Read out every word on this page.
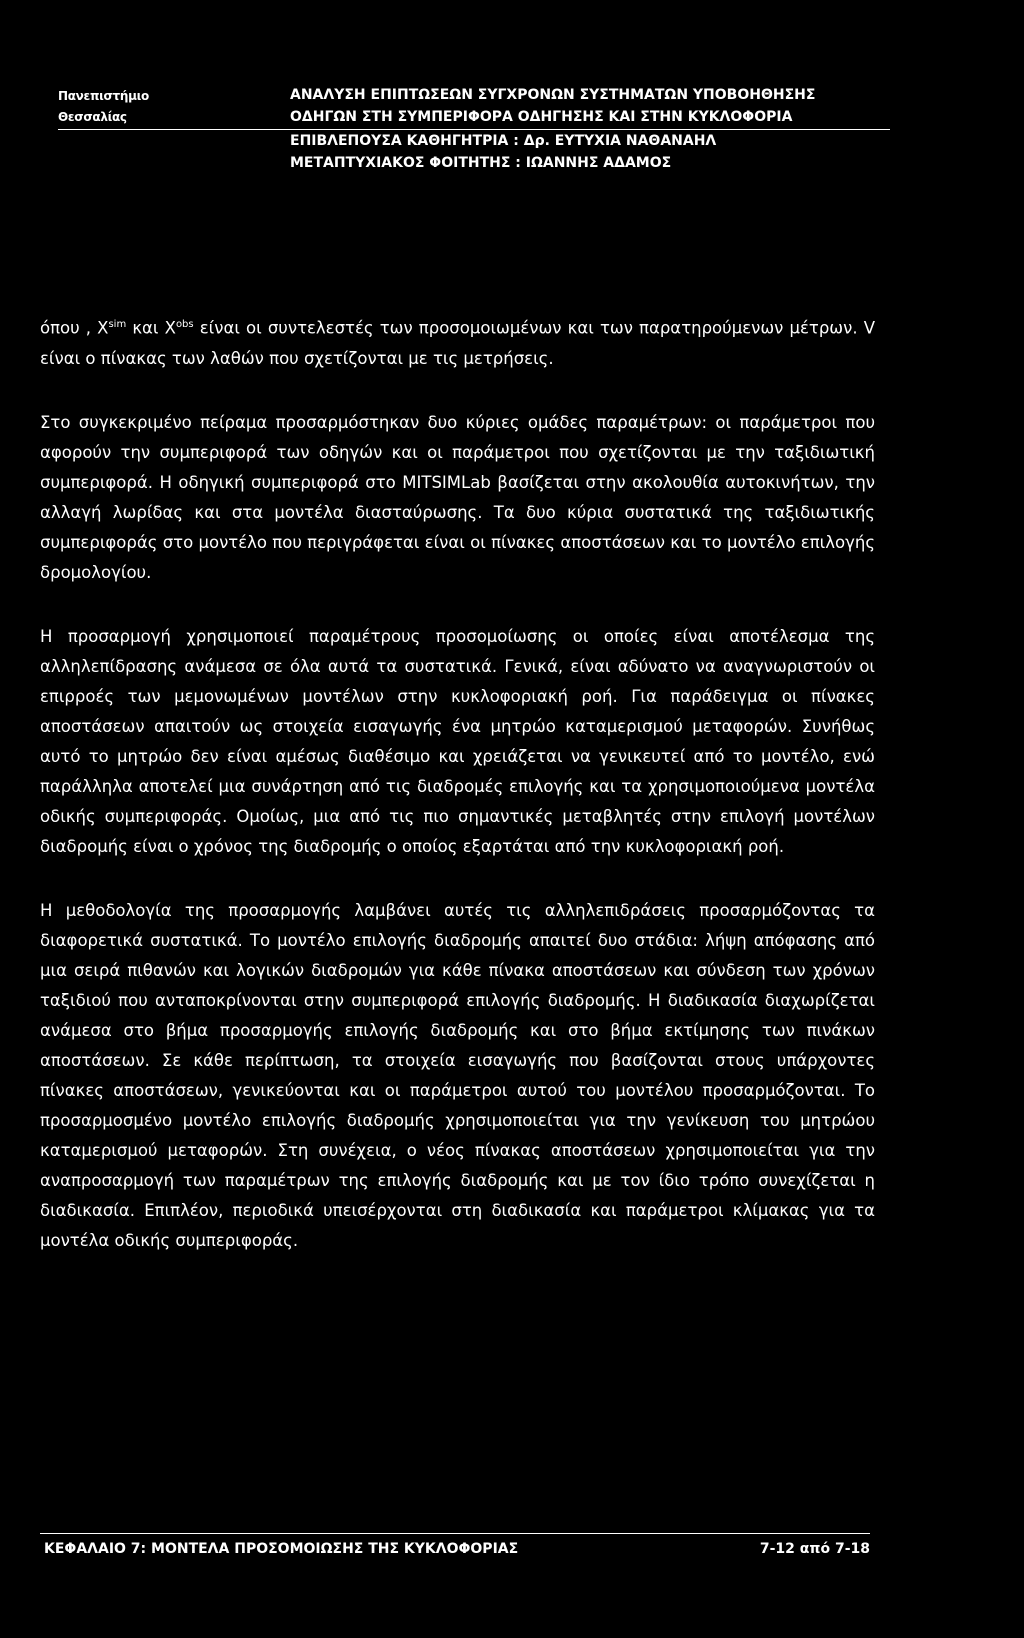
Πανεπιστήμιο
Θεσσαλίας
ΑΝΑΛΥΣΗ ΕΠΙΠΤΩΣΕΩΝ ΣΥΓΧΡΟΝΩΝ ΣΥΣΤΗΜΑΤΩΝ ΥΠΟΒΟΗΘΗΣΗΣ
ΟΔΗΓΩΝ ΣΤΗ ΣΥΜΠΕΡΙΦΟΡΑ ΟΔΗΓΗΣΗΣ ΚΑΙ ΣΤΗΝ ΚΥΚΛΟΦΟΡΙΑ
ΕΠΙΒΛΕΠΟΥΣΑ ΚΑΘΗΓΗΤΡΙΑ : Δρ. ΕΥΤΥΧΙΑ ΝΑΘΑΝΑΗΛ
ΜΕΤΑΠΤΥΧΙΑΚΟΣ ΦΟΙΤΗΤΗΣ : ΙΩΑΝΝΗΣ ΑΔΑΜΟΣ

όπου , $X^{sim}$ και $X^{obs}$ είναι οι συντελεστές των προσομοιωμένων και των παρατηρούμενων μέτρων. V είναι ο πίνακας των λαθών που σχετίζονται με τις μετρήσεις.

Στο συγκεκριμένο πείραμα προσαρμόστηκαν δυο κύριες ομάδες παραμέτρων: οι παράμετροι που αφορούν την συμπεριφορά των οδηγών και οι παράμετροι που σχετίζονται με την ταξιδιωτική συμπεριφορά. Η οδηγική συμπεριφορά στο MITSIMLab βασίζεται στην ακολουθία αυτοκινήτων, την αλλαγή λωρίδας και στα μοντέλα διασταύρωσης. Τα δυο κύρια συστατικά της ταξιδιωτικής συμπεριφοράς στο μοντέλο που περιγράφεται είναι οι πίνακες αποστάσεων και το μοντέλο επιλογής δρομολογίου.

Η προσαρμογή χρησιμοποιεί παραμέτρους προσομοίωσης οι οποίες είναι αποτέλεσμα της αλληλεπίδρασης ανάμεσα σε όλα αυτά τα συστατικά. Γενικά, είναι αδύνατο να αναγνωριστούν οι επιρροές των μεμονωμένων μοντέλων στην κυκλοφοριακή ροή. Για παράδειγμα οι πίνακες αποστάσεων απαιτούν ως στοιχεία εισαγωγής ένα μητρώο καταμερισμού μεταφορών. Συνήθως αυτό το μητρώο δεν είναι αμέσως διαθέσιμο και χρειάζεται να γενικευτεί από το μοντέλο, ενώ παράλληλα αποτελεί μια συνάρτηση από τις διαδρομές επιλογής και τα χρησιμοποιούμενα μοντέλα οδικής συμπεριφοράς. Ομοίως, μια από τις πιο σημαντικές μεταβλητές στην επιλογή μοντέλων διαδρομής είναι ο χρόνος της διαδρομής ο οποίος εξαρτάται από την κυκλοφοριακή ροή.

Η μεθοδολογία της προσαρμογής λαμβάνει αυτές τις αλληλεπιδράσεις προσαρμόζοντας τα διαφορετικά συστατικά. Το μοντέλο επιλογής διαδρομής απαιτεί δυο στάδια: λήψη απόφασης από μια σειρά πιθανών και λογικών διαδρομών για κάθε πίνακα αποστάσεων και σύνδεση των χρόνων ταξιδιού που ανταποκρίνονται στην συμπεριφορά επιλογής διαδρομής. Η διαδικασία διαχωρίζεται ανάμεσα στο βήμα προσαρμογής επιλογής διαδρομής και στο βήμα εκτίμησης των πινάκων αποστάσεων. Σε κάθε περίπτωση, τα στοιχεία εισαγωγής που βασίζονται στους υπάρχοντες πίνακες αποστάσεων, γενικεύονται και οι παράμετροι αυτού του μοντέλου προσαρμόζονται. Το προσαρμοσμένο μοντέλο επιλογής διαδρομής χρησιμοποιείται για την γενίκευση του μητρώου καταμερισμού μεταφορών. Στη συνέχεια, ο νέος πίνακας αποστάσεων χρησιμοποιείται για την αναπροσαρμογή των παραμέτρων της επιλογής διαδρομής και με τον ίδιο τρόπο συνεχίζεται η διαδικασία. Επιπλέον, περιοδικά υπεισέρχονται στη διαδικασία και παράμετροι κλίμακας για τα μοντέλα οδικής συμπεριφοράς.

ΚΕΦΑΛΑΙΟ 7: ΜΟΝΤΕΛΑ ΠΡΟΣΟΜΟΙΩΣΗΣ ΤΗΣ ΚΥΚΛΟΦΟΡΙΑΣ	7-12 από 7-18
